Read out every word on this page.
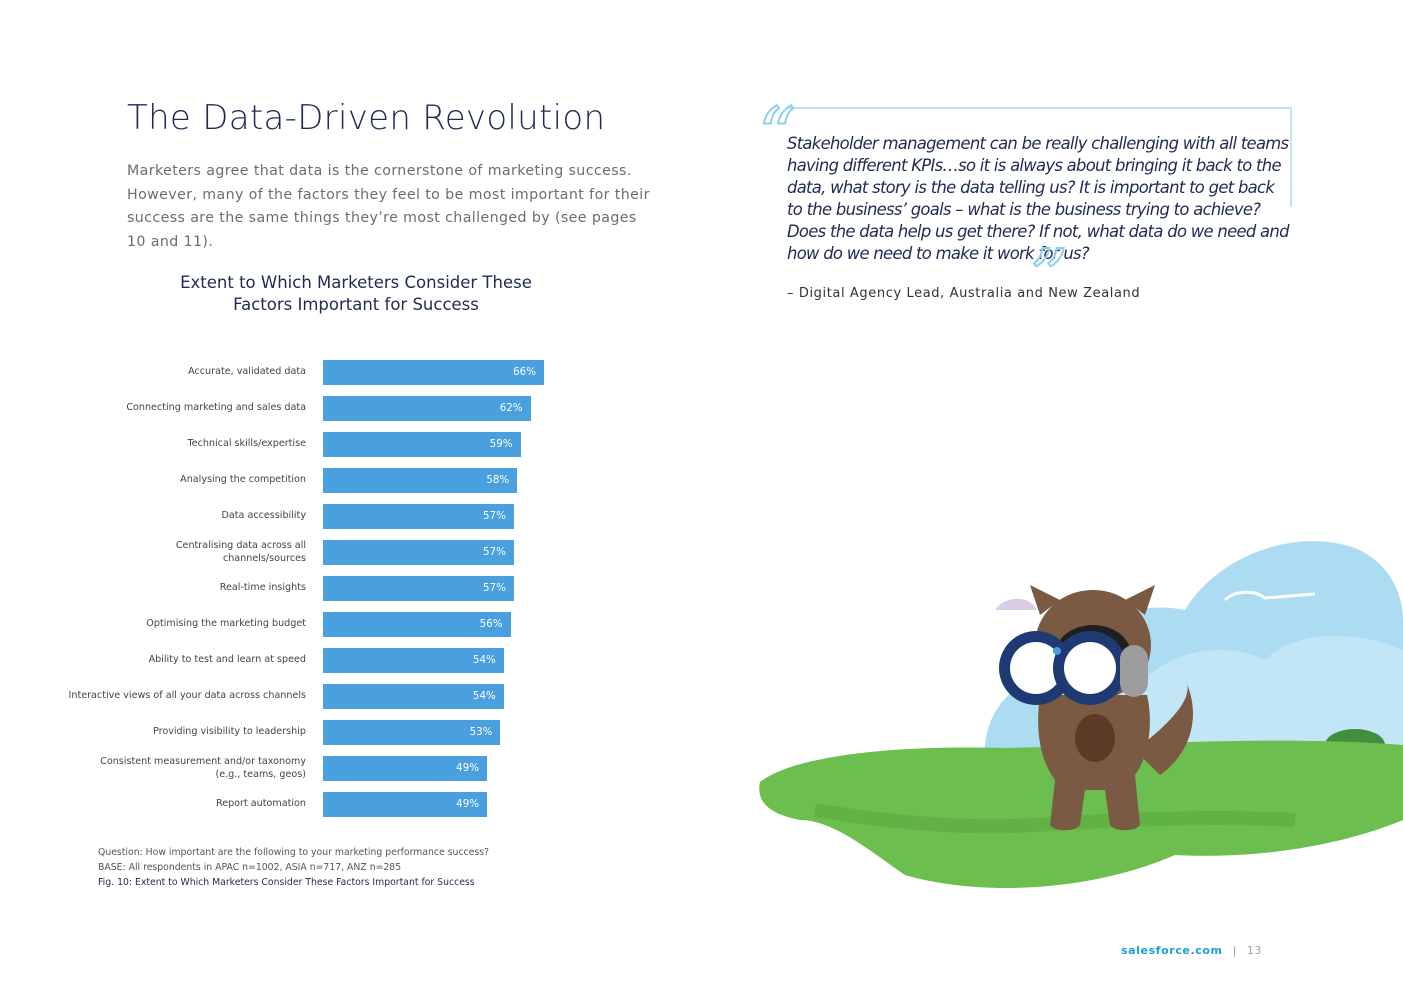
The Data-Driven Revolution

Marketers agree that data is the cornerstone of marketing success. However, many of the factors they feel to be most important for their success are the same things they’re most challenged by (see pages 10 and 11).

Extent to Which Marketers Consider These Factors Important for Success
Accurate, validated data	66%
Connecting marketing and sales data	62%
Technical skills/expertise	59%
Analysing the competition	58%
Data accessibility	57%
Centralising data across all
channels/sources	57%
Real-time insights	57%
Optimising the marketing budget	56%
Ability to test and learn at speed	54%
Interactive views of all your data across channels	54%
Providing visibility to leadership	53%
Consistent measurement and/or taxonomy
(e.g., teams, geos)	49%
Report automation	49%
Question: How important are the following to your marketing performance success?
BASE: All respondents in APAC n=1002, ASIA n=717, ANZ n=285
Fig. 10: Extent to Which Marketers Consider These Factors Important for Success
“

Stakeholder management can be really challenging with all teams having different KPIs…so it is always about bringing it back to the data, what story is the data telling us? It is important to get back to the business’ goals – what is the business trying to achieve? Does the data help us get there? If not, what data do we need and how do we need to make it work for us?

”
– Digital Agency Lead, Australia and New Zealand
salesforce.com | 13
